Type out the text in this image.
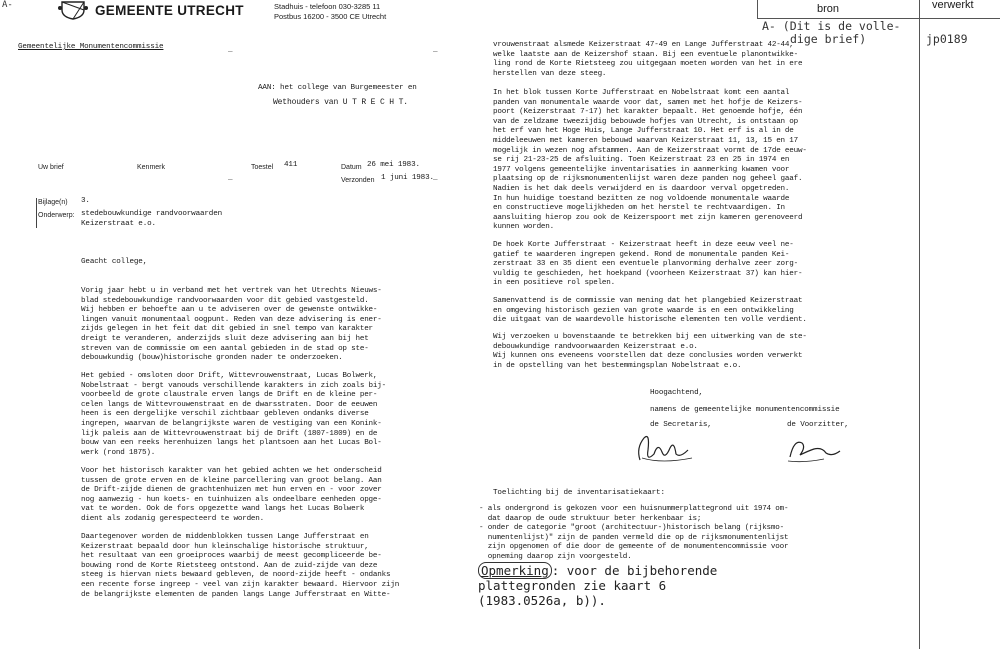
A-	GEMEENTE UTRECHT	Stadhuis - telefoon 030-3285 11
Postbus 16200 - 3500 CE Utrecht
Gemeentelijke Monumentencommissie	_
_
_
_
AAN: het college van Burgemeester en
Wethouders van U T R E C H T.
Uw brief	Kenmerk	Toestel 411	Datum 26 mei 1983.
Verzonden 1 juni 1983.
Bijlage(n) 3.
Onderwerp: stedebouwkundige randvoorwaarden
Keizerstraat e.o.
Geacht college,
Vorig jaar hebt u in verband met het vertrek van het Utrechts Nieuws-
blad stedebouwkundige randvoorwaarden voor dit gebied vastgesteld.
Wij hebben er behoefte aan u te adviseren over de gewenste ontwikke-
lingen vanuit monumentaal oogpunt. Reden van deze advisering is ener-
zijds gelegen in het feit dat dit gebied in snel tempo van karakter
dreigt te veranderen, anderzijds sluit deze advisering aan bij het
streven van de commissie om een aantal gebieden in de stad op ste-
debouwkundig (bouw)historische gronden nader te onderzoeken.
Het gebied - omsloten door Drift, Wittevrouwenstraat, Lucas Bolwerk,
Nobelstraat - bergt vanouds verschillende karakters in zich zoals bij-
voorbeeld de grote claustrale erven langs de Drift en de kleine per-
celen langs de Wittevrouwenstraat en de dwarsstraten. Door de eeuwen
heen is een dergelijke verschil zichtbaar gebleven ondanks diverse
ingrepen, waarvan de belangrijkste waren de vestiging van een Konink-
lijk paleis aan de Wittevrouwenstraat bij de Drift (1807-1809) en de
bouw van een reeks herenhuizen langs het plantsoen aan het Lucas Bol-
werk (rond 1875).
Voor het historisch karakter van het gebied achten we het onderscheid
tussen de grote erven en de kleine parcellering van groot belang. Aan
de Drift-zijde dienen de grachtenhuizen met hun erven en - voor zover
nog aanwezig - hun koets- en tuinhuizen als ondeelbare eenheden opge-
vat te worden. Ook de fors opgezette wand langs het Lucas Bolwerk
dient als zodanig gerespecteerd te worden.
Daartegenover worden de middenblokken tussen Lange Jufferstraat en
Keizerstraat bepaald door hun kleinschalige historische struktuur,
het resultaat van een groeiproces waarbij de meest gecompliceerde be-
bouwing rond de Korte Rietsteeg ontstond. Aan de zuid-zijde van deze
steeg is hiervan niets bewaard gebleven, de noord-zijde heeft - ondanks
een recente forse ingreep - veel van zijn karakter bewaard. Hiervoor zijn
de belangrijkste elementen de panden langs Lange Jufferstraat en Witte-
vrouwenstraat alsmede Keizerstraat 47-49 en Lange Jufferstraat 42-44,
welke laatste aan de Keizershof staan. Bij een eventuele planontwikke-
ling rond de Korte Rietsteeg zou uitgegaan moeten worden van het in ere
herstellen van deze steeg.
In het blok tussen Korte Jufferstraat en Nobelstraat komt een aantal
panden van monumentale waarde voor dat, samen met het hofje de Keizers-
poort (Keizerstraat 7-17) het karakter bepaalt. Het genoemde hofje, één
van de zeldzame tweezijdig bebouwde hofjes van Utrecht, is ontstaan op
het erf van het Hoge Huis, Lange Jufferstraat 10. Het erf is al in de
middeleeuwen met kameren bebouwd waarvan Keizerstraat 11, 13, 15 en 17
mogelijk in wezen nog afstammen. Aan de Keizerstraat vormt de 17de eeuw-
se rij 21-23-25 de afsluiting. Toen Keizerstraat 23 en 25 in 1974 en
1977 volgens gemeentelijke inventarisaties in aanmerking kwamen voor
plaatsing op de rijksmonumentenlijst waren deze panden nog geheel gaaf.
Nadien is het dak deels verwijderd en is daardoor verval opgetreden.
In hun huidige toestand bezitten ze nog voldoende monumentale waarde
en constructieve mogelijkheden om het herstel te rechtvaardigen. In
aansluiting hierop zou ook de Keizerspoort met zijn kameren gerenoveerd
kunnen worden.
De hoek Korte Jufferstraat - Keizerstraat heeft in deze eeuw veel ne-
gatief te waarderen ingrepen gekend. Rond de monumentale panden Kei-
zerstraat 33 en 35 dient een eventuele planvorming derhalve zeer zorg-
vuldig te geschieden, het hoekpand (voorheen Keizerstraat 37) kan hier-
in een positieve rol spelen.
Samenvattend is de commissie van mening dat het plangebied Keizerstraat
en omgeving historisch gezien van grote waarde is en een ontwikkeling
die uitgaat van de waardevolle historische elementen ten volle verdient.
Wij verzoeken u bovenstaande te betrekken bij een uitwerking van de ste-
debouwkundige randvoorwaarden Keizerstraat e.o.
Wij kunnen ons eveneens voorstellen dat deze conclusies worden verwerkt
in de opstelling van het bestemmingsplan Nobelstraat e.o.
Hoogachtend,
namens de gemeentelijke monumentencommissie
de Secretaris,	de Voorzitter,
Toelichting bij de inventarisatiekaart:
- als ondergrond is gekozen voor een huisnummerplattegrond uit 1974 om-
dat daarop de oude struktuur beter herkenbaar is;
- onder de categorie "groot (architectuur-)historisch belang (rijksmo-
numentenlijst)" zijn de panden vermeld die op de rijksmonumentenlijst
zijn opgenomen of die door de gemeente of de monumentencommissie voor
opneming daarop zijn voorgesteld.
Opmerking : voor de bijbehorende
plattegronden zie kaart 6
(1983.0526a, b)).
bron	verwerkt
A- (Dit is de volle-
dige brief)	jp0189
